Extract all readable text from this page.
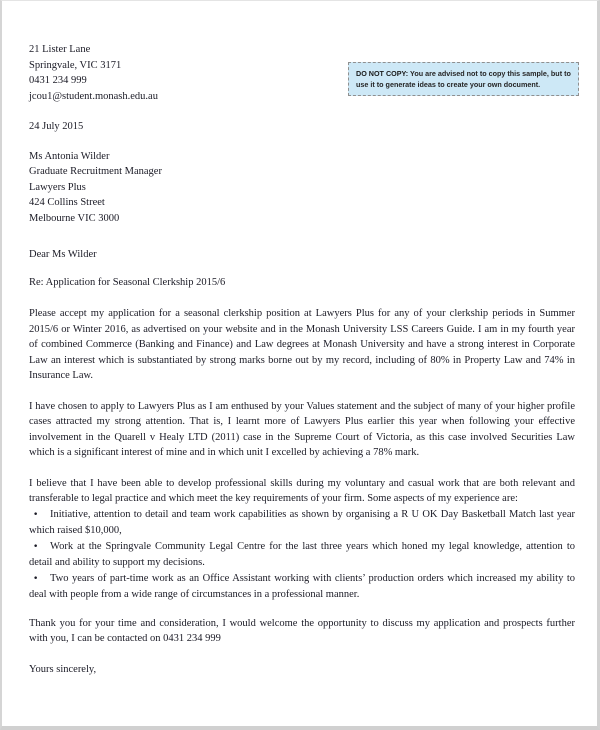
DO NOT COPY: You are advised not to copy this sample, but to use it to generate ideas to create your own document.
21 Lister Lane
Springvale, VIC 3171
0431 234 999
jcou1@student.monash.edu.au
24 July 2015
Ms Antonia Wilder
Graduate Recruitment Manager
Lawyers Plus
424 Collins Street
Melbourne VIC 3000
Dear Ms Wilder
Re: Application for Seasonal Clerkship 2015/6

Please accept my application for a seasonal clerkship position at Lawyers Plus for any of your clerkship periods in Summer 2015/6 or Winter 2016, as advertised on your website and in the Monash University LSS Careers Guide. I am in my fourth year of combined Commerce (Banking and Finance) and Law degrees at Monash University and have a strong interest in Corporate Law an interest which is substantiated by strong marks borne out by my record, including of 80% in Property Law and 74% in Insurance Law.

I have chosen to apply to Lawyers Plus as I am enthused by your Values statement and the subject of many of your higher profile cases attracted my strong attention. That is, I learnt more of Lawyers Plus earlier this year when following your effective involvement in the Quarell v Healy LTD (2011) case in the Supreme Court of Victoria, as this case involved Securities Law which is a significant interest of mine and in which unit I excelled by achieving a 78% mark.

I believe that I have been able to develop professional skills during my voluntary and casual work that are both relevant and transferable to legal practice and which meet the key requirements of your firm. Some aspects of my experience are:

• Initiative, attention to detail and team work capabilities as shown by organising a R U OK Day Basketball Match last year which raised $10,000,

• Work at the Springvale Community Legal Centre for the last three years which honed my legal knowledge, attention to detail and ability to support my decisions.

• Two years of part-time work as an Office Assistant working with clients’ production orders which increased my ability to deal with people from a wide range of circumstances in a professional manner.

Thank you for your time and consideration, I would welcome the opportunity to discuss my application and prospects further with you, I can be contacted on 0431 234 999

Yours sincerely,
